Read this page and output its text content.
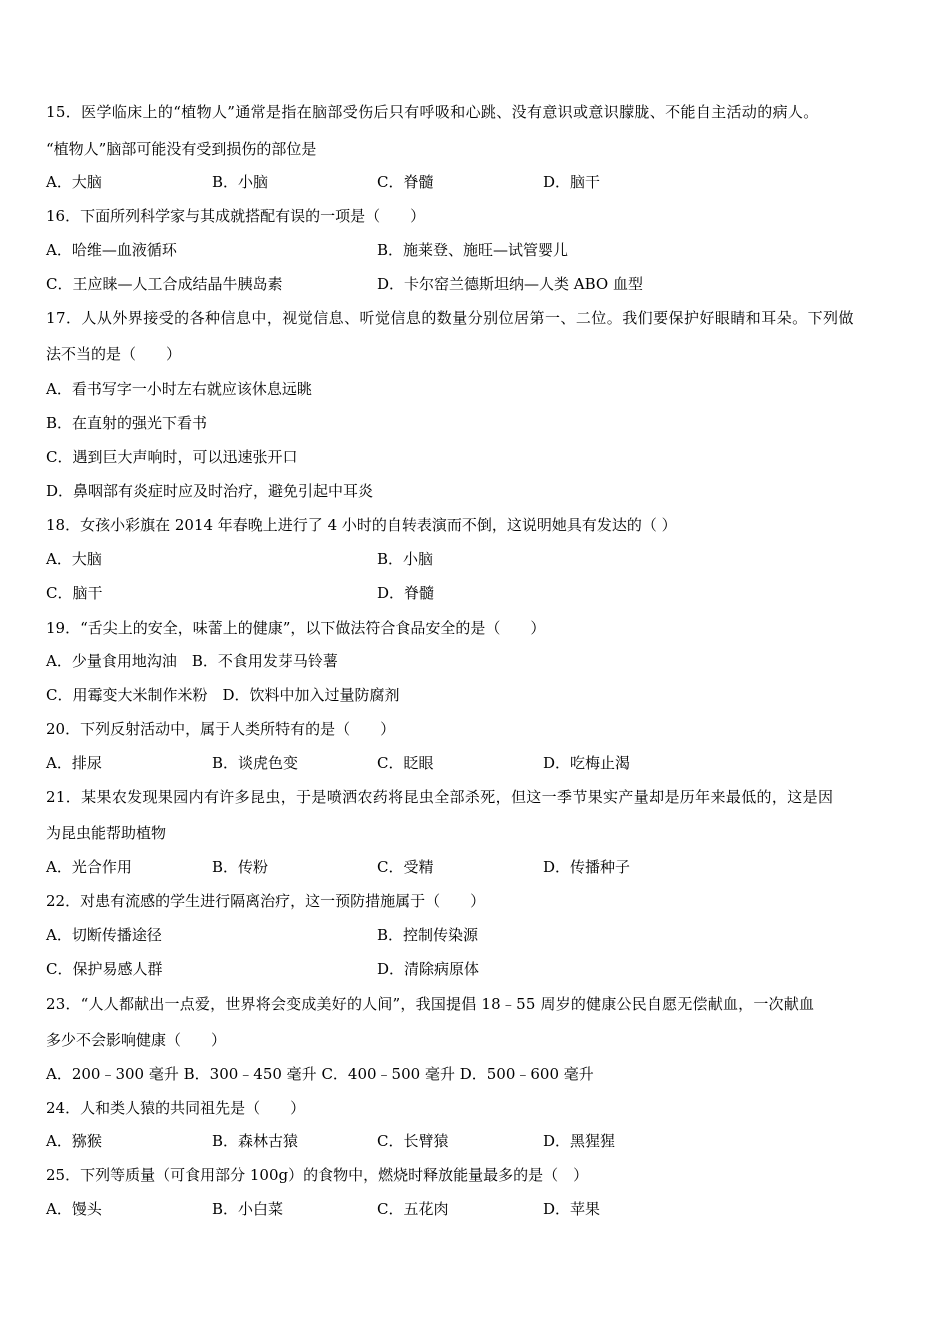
15．医学临床上的“植物人”通常是指在脑部受伤后只有呼吸和心跳、没有意识或意识朦胧、不能自主活动的病人。
“植物人”脑部可能没有受到损伤的部位是
A．大脑	B．小脑	C．脊髓	D．脑干
16．下面所列科学家与其成就搭配有误的一项是（　　）
A．哈维—血液循环	B．施莱登、施旺—试管婴儿
C．王应睐—人工合成结晶牛胰岛素	D．卡尔窑兰德斯坦纳—人类 ABO 血型
17．人从外界接受的各种信息中，视觉信息、听觉信息的数量分别位居第一、二位。我们要保护好眼睛和耳朵。下列做
法不当的是（　　）
A．看书写字一小时左右就应该休息远眺
B．在直射的强光下看书
C．遇到巨大声响时，可以迅速张开口
D．鼻咽部有炎症时应及时治疗，避免引起中耳炎
18．女孩小彩旗在 2014 年春晚上进行了 4 小时的自转表演而不倒，这说明她具有发达的（ ）
A．大脑	B．小脑
C．脑干	D．脊髓
19．“舌尖上的安全，味蕾上的健康”，以下做法符合食品安全的是（　　）
A．少量食用地沟油　B．不食用发芽马铃薯
C．用霉变大米制作米粉　D．饮料中加入过量防腐剂
20．下列反射活动中，属于人类所特有的是（　　）
A．排尿	B．谈虎色变	C．眨眼	D．吃梅止渴
21．某果农发现果园内有许多昆虫，于是喷洒农药将昆虫全部杀死，但这一季节果实产量却是历年来最低的，这是因
为昆虫能帮助植物
A．光合作用	B．传粉	C．受精	D．传播种子
22．对患有流感的学生进行隔离治疗，这一预防措施属于（　　）
A．切断传播途径	B．控制传染源
C．保护易感人群	D．清除病原体
23．“人人都献出一点爱，世界将会变成美好的人间”，我国提倡 18﹣55 周岁的健康公民自愿无偿献血，一次献血
多少不会影响健康（　　）
A．200﹣300 毫升 B．300﹣450 毫升 C．400﹣500 毫升 D．500﹣600 毫升
24．人和类人猿的共同祖先是（　　）
A．猕猴	B．森林古猿	C．长臂猿	D．黑猩猩
25．下列等质量（可食用部分 100g）的食物中，燃烧时释放能量最多的是（　）
A．馒头	B．小白菜	C．五花肉	D．苹果
